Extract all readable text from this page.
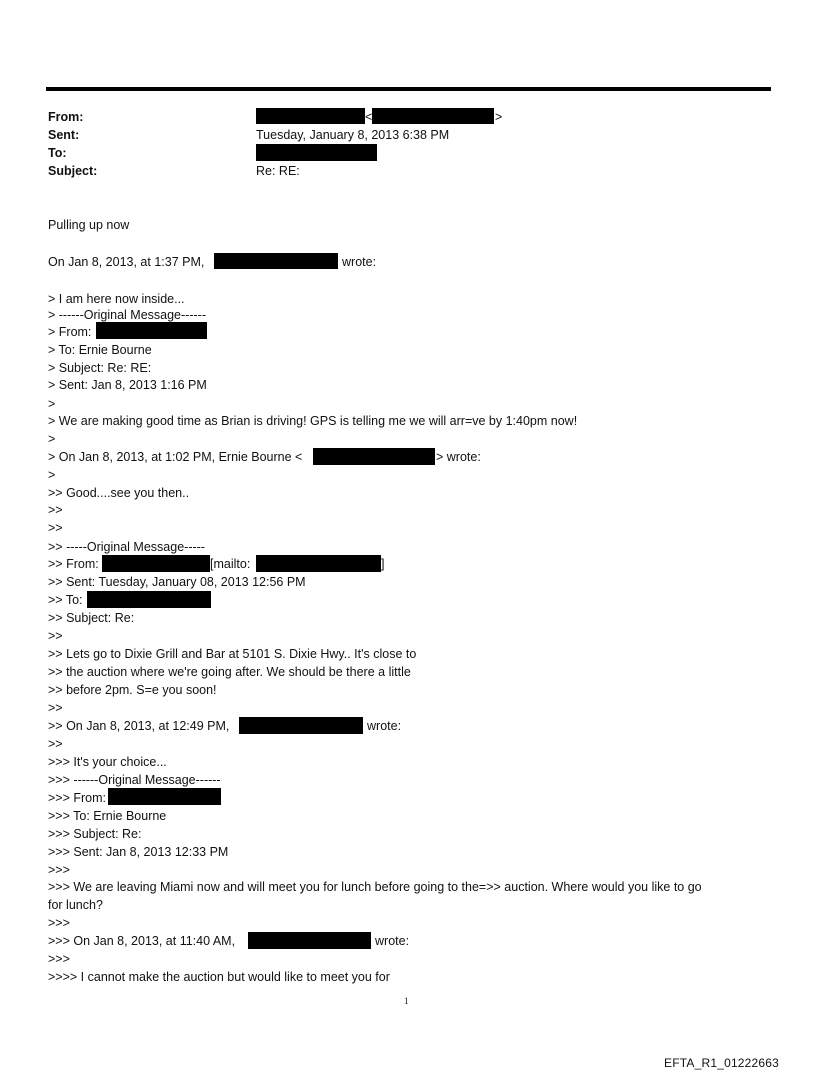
From:	<	>
Sent:	Tuesday, January 8, 2013 6:38 PM
To:
Subject:	Re: RE:
Pulling up now
On Jan 8, 2013, at 1:37 PM,	wrote:
> I am here now inside...
> ------Original Message------
> From:
> To: Ernie Bourne
> Subject: Re: RE:
> Sent: Jan 8, 2013 1:16 PM
>
> We are making good time as Brian is driving! GPS is telling me we will arr=ve by 1:40pm now!
>
> On Jan 8, 2013, at 1:02 PM, Ernie Bourne <	> wrote:
>
>> Good....see you then..
>>
>>
>> -----Original Message-----
>> From:	[mailto:	]
>> Sent: Tuesday, January 08, 2013 12:56 PM
>> To:
>> Subject: Re:
>>
>> Lets go to Dixie Grill and Bar at 5101 S. Dixie Hwy.. It's close to
>> the auction where we're going after. We should be there a little
>> before 2pm. S=e you soon!
>>
>> On Jan 8, 2013, at 12:49 PM,	wrote:
>>
>>> It's your choice...
>>> ------Original Message------
>>> From:
>>> To: Ernie Bourne
>>> Subject: Re:
>>> Sent: Jan 8, 2013 12:33 PM
>>>
>>> We are leaving Miami now and will meet you for lunch before going to the=>> auction. Where would you like to go
for lunch?
>>>
>>> On Jan 8, 2013, at 11:40 AM,	wrote:
>>>
>>>> I cannot make the auction but would like to meet you for
1
EFTA_R1_01222663
